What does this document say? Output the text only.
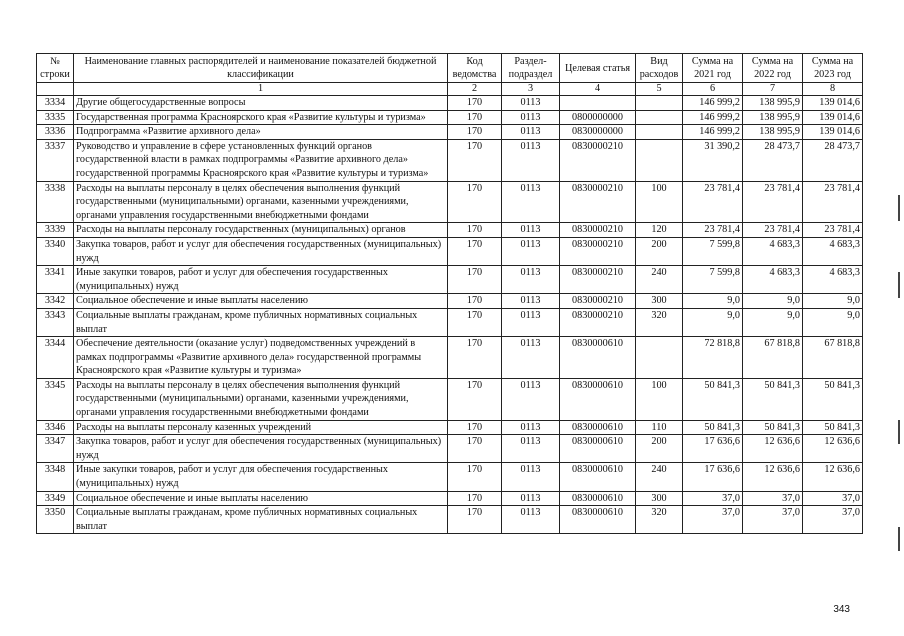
№ строки	Наименование главных распорядителей и наименование показателей бюджетной классификации	Код ведомства	Раздел-подраздел	Целевая статья	Вид расходов	Сумма на 2021 год	Сумма на 2022 год	Сумма на 2023 год
	1	2	3	4	5	6	7	8
3334	Другие общегосударственные вопросы	170	0113			146 999,2	138 995,9	139 014,6
3335	Государственная программа Красноярского края «Развитие культуры и туризма»	170	0113	0800000000		146 999,2	138 995,9	139 014,6
3336	Подпрограмма «Развитие архивного дела»	170	0113	0830000000		146 999,2	138 995,9	139 014,6
3337	Руководство и управление в сфере установленных функций органов государственной власти в рамках подпрограммы «Развитие архивного дела» государственной программы Красноярского края «Развитие культуры и туризма»	170	0113	0830000210		31 390,2	28 473,7	28 473,7
3338	Расходы на выплаты персоналу в целях обеспечения выполнения функций государственными (муниципальными) органами, казенными учреждениями, органами управления государственными внебюджетными фондами	170	0113	0830000210	100	23 781,4	23 781,4	23 781,4
3339	Расходы на выплаты персоналу государственных (муниципальных) органов	170	0113	0830000210	120	23 781,4	23 781,4	23 781,4
3340	Закупка товаров, работ и услуг для обеспечения государственных (муниципальных) нужд	170	0113	0830000210	200	7 599,8	4 683,3	4 683,3
3341	Иные закупки товаров, работ и услуг для обеспечения государственных (муниципальных) нужд	170	0113	0830000210	240	7 599,8	4 683,3	4 683,3
3342	Социальное обеспечение и иные выплаты населению	170	0113	0830000210	300	9,0	9,0	9,0
3343	Социальные выплаты гражданам, кроме публичных нормативных социальных выплат	170	0113	0830000210	320	9,0	9,0	9,0
3344	Обеспечение деятельности (оказание услуг) подведомственных учреждений в рамках подпрограммы «Развитие архивного дела» государственной программы Красноярского края «Развитие культуры и туризма»	170	0113	0830000610		72 818,8	67 818,8	67 818,8
3345	Расходы на выплаты персоналу в целях обеспечения выполнения функций государственными (муниципальными) органами, казенными учреждениями, органами управления государственными внебюджетными фондами	170	0113	0830000610	100	50 841,3	50 841,3	50 841,3
3346	Расходы на выплаты персоналу казенных учреждений	170	0113	0830000610	110	50 841,3	50 841,3	50 841,3
3347	Закупка товаров, работ и услуг для обеспечения государственных (муниципальных) нужд	170	0113	0830000610	200	17 636,6	12 636,6	12 636,6
3348	Иные закупки товаров, работ и услуг для обеспечения государственных (муниципальных) нужд	170	0113	0830000610	240	17 636,6	12 636,6	12 636,6
3349	Социальное обеспечение и иные выплаты населению	170	0113	0830000610	300	37,0	37,0	37,0
3350	Социальные выплаты гражданам, кроме публичных нормативных социальных выплат	170	0113	0830000610	320	37,0	37,0	37,0
343
